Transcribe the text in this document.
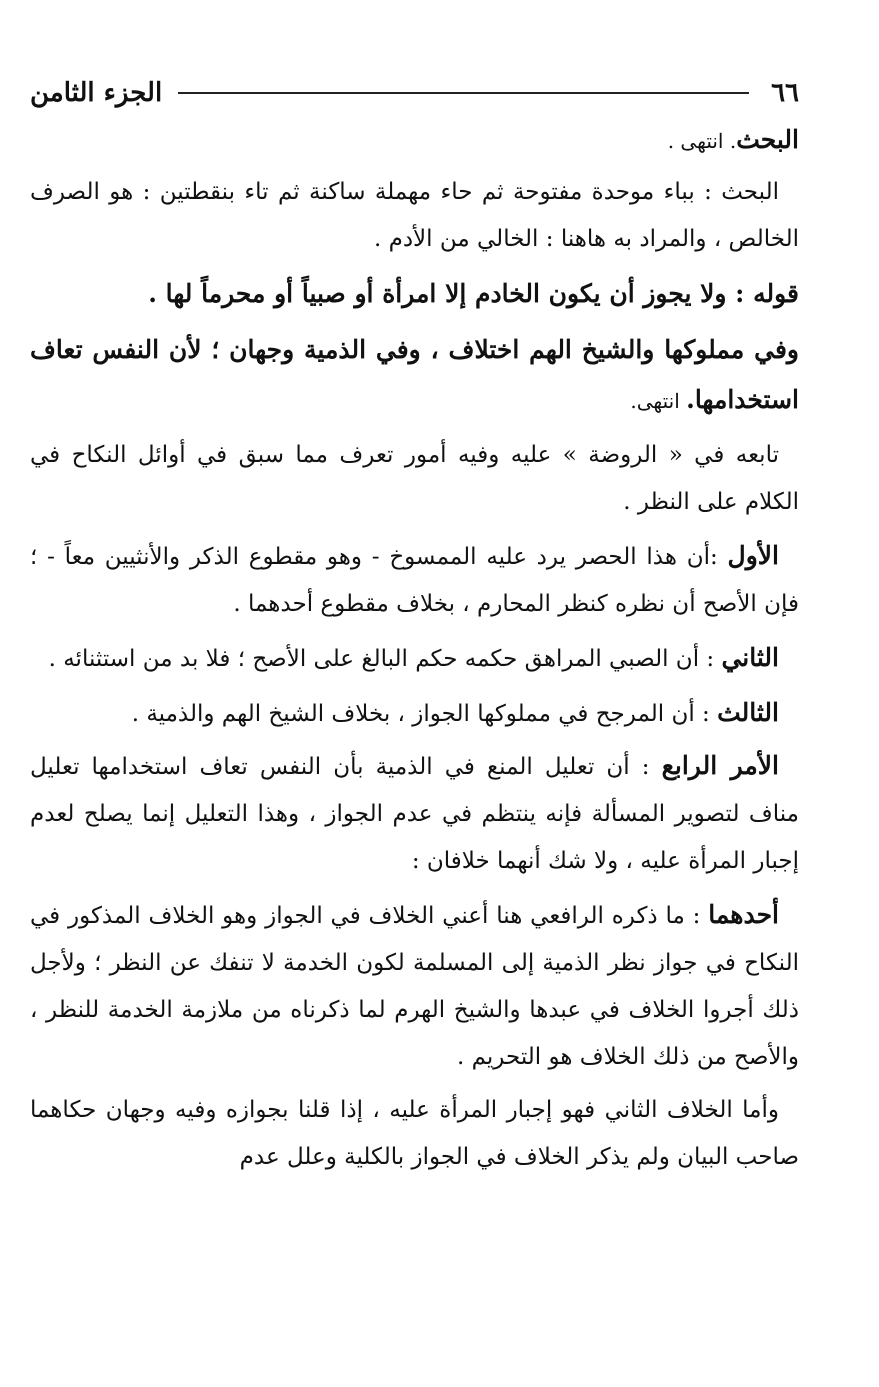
٦٦
الجزء الثامن

البحث. انتهى .

البحث : بباء موحدة مفتوحة ثم حاء مهملة ساكنة ثم تاء بنقطتين : هو الصرف الخالص ، والمراد به هاهنا : الخالي من الأدم .

قوله : ولا يجوز أن يكون الخادم إلا امرأة أو صبياً أو محرماً لها .

وفي مملوكها والشيخ الهم اختلاف ، وفي الذمية وجهان ؛ لأن النفس تعاف استخدامها. انتهى.

تابعه في « الروضة » عليه وفيه أمور تعرف مما سبق في أوائل النكاح في الكلام على النظر .

الأول :أن هذا الحصر يرد عليه الممسوخ - وهو مقطوع الذكر والأنثيين معاً - ؛ فإن الأصح أن نظره كنظر المحارم ، بخلاف مقطوع أحدهما .

الثاني : أن الصبي المراهق حكمه حكم البالغ على الأصح ؛ فلا بد من استثنائه .

الثالث : أن المرجح في مملوكها الجواز ، بخلاف الشيخ الهم والذمية .

الأمر الرابع : أن تعليل المنع في الذمية بأن النفس تعاف استخدامها تعليل مناف لتصوير المسألة فإنه ينتظم في عدم الجواز ، وهذا التعليل إنما يصلح لعدم إجبار المرأة عليه ، ولا شك أنهما خلافان :

أحدهما : ما ذكره الرافعي هنا أعني الخلاف في الجواز وهو الخلاف المذكور في النكاح في جواز نظر الذمية إلى المسلمة لكون الخدمة لا تنفك عن النظر ؛ ولأجل ذلك أجروا الخلاف في عبدها والشيخ الهرم لما ذكرناه من ملازمة الخدمة للنظر ، والأصح من ذلك الخلاف هو التحريم .

وأما الخلاف الثاني فهو إجبار المرأة عليه ، إذا قلنا بجوازه وفيه وجهان حكاهما صاحب البيان ولم يذكر الخلاف في الجواز بالكلية وعلل عدم
